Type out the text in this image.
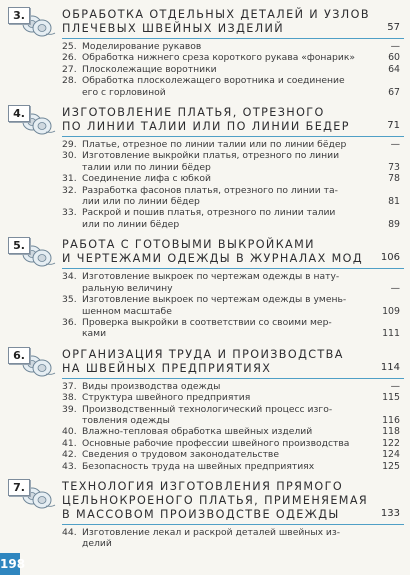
3.	ОБРАБОТКА ОТДЕЛЬНЫХ ДЕТАЛЕЙ И УЗЛОВ
ПЛЕЧЕВЫХ ШВЕЙНЫХ ИЗДЕЛИЙ	57
25. Моделирование рукавов	—
26. Обработка нижнего среза короткого рукава «фонарик»	60
27. Плосколежащие воротники	64
28. Обработка плосколежащего воротника и соединение
его с горловиной	67
4.	ИЗГОТОВЛЕНИЕ ПЛАТЬЯ, ОТРЕЗНОГО
ПО ЛИНИИ ТАЛИИ ИЛИ ПО ЛИНИИ БЕДЕР	71
29. Платье, отрезное по линии талии или по линии бёдер	—
30. Изготовление выкройки платья, отрезного по линии
талии или по линии бёдер	73
31. Соединение лифа с юбкой	78
32. Разработка фасонов платья, отрезного по линии та-
лии или по линии бёдер	81
33. Раскрой и пошив платья, отрезного по линии талии
или по линии бёдер	89
5.	РАБОТА С ГОТОВЫМИ ВЫКРОЙКАМИ
И ЧЕРТЕЖАМИ ОДЕЖДЫ В ЖУРНАЛАХ МОД	106
34. Изготовление выкроек по чертежам одежды в нату-
ральную величину	—
35. Изготовление выкроек по чертежам одежды в умень-
шенном масштабе	109
36. Проверка выкройки в соответствии со своими мер-
ками	111
6.	ОРГАНИЗАЦИЯ ТРУДА И ПРОИЗВОДСТВА
НА ШВЕЙНЫХ ПРЕДПРИЯТИЯХ	114
37. Виды производства одежды	—
38. Структура швейного предприятия	115
39. Производственный технологический процесс изго-
товления одежды	116
40. Влажно-тепловая обработка швейных изделий	118
41. Основные рабочие профессии швейного производства	122
42. Сведения о трудовом законодательстве	124
43. Безопасность труда на швейных предприятиях	125
7.	ТЕХНОЛОГИЯ ИЗГОТОВЛЕНИЯ ПРЯМОГО
ЦЕЛЬНОКРОЕНОГО ПЛАТЬЯ, ПРИМЕНЯЕМАЯ
В МАССОВОМ ПРОИЗВОДСТВЕ ОДЕЖДЫ	133
44. Изготовление лекал и раскрой деталей швейных из-
делий
198
